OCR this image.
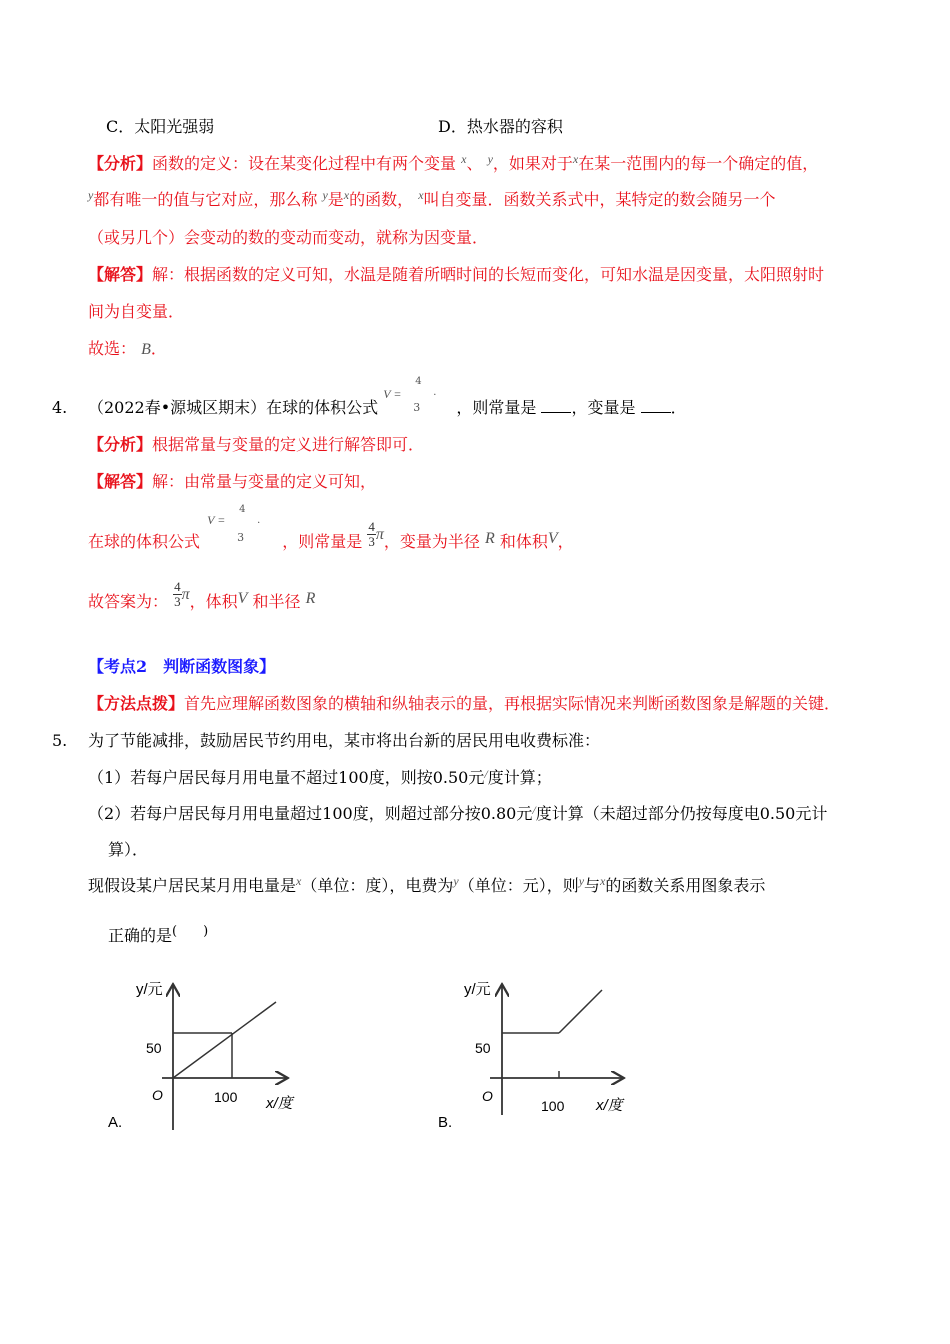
C．太阳光强弱	D．热水器的容积
【分析】函数的定义：设在某变化过程中有两个变量 $^x$、 $^y$，如果对于$^x$在某一范围内的每一个确定的值，
$^y$都有唯一的值与它对应，那么称 $^y$是$^x$的函数， $^x$叫自变量．函数关系式中，某特定的数会随另一个
（或另几个）会变动的数的变动而变动，就称为因变量．
【解答】解：根据函数的定义可知，水温是随着所晒时间的长短而变化，可知水温是因变量，太阳照射时
间为自变量．
故选： B．
4. （2022春•源城区期末）在球的体积公式
V =
4
3
·
，则常量是 ，变量是 ．
【分析】根据常量与变量的定义进行解答即可．
【解答】解：由常量与变量的定义可知，
在球的体积公式
V =
4
3
·
，则常量是 $\frac{4}{3}$ π，变量为半径 R 和体积V，
故答案为： $\frac{4}{3}$ π，体积V 和半径 R
【考点2　判断函数图象】
【方法点拨】首先应理解函数图象的横轴和纵轴表示的量，再根据实际情况来判断函数图象是解题的关键．
5. 为了节能减排，鼓励居民节约用电，某市将出台新的居民用电收费标准：
（1）若每户居民每月用电量不超过100度，则按0.50元/度计算；
（2）若每户居民每月用电量超过100度，则超过部分按0.80元/度计算（未超过部分仍按每度电0.50元计
算）．
现假设某户居民某月用电量是$^x$（单位：度），电费为$^y$（单位：元），则$^y$与$^x$的函数关系用图象表示
正确的是(　　)
y/元
50
O	100 x/度
A.
y/元
50
O
100 x/度
B.
